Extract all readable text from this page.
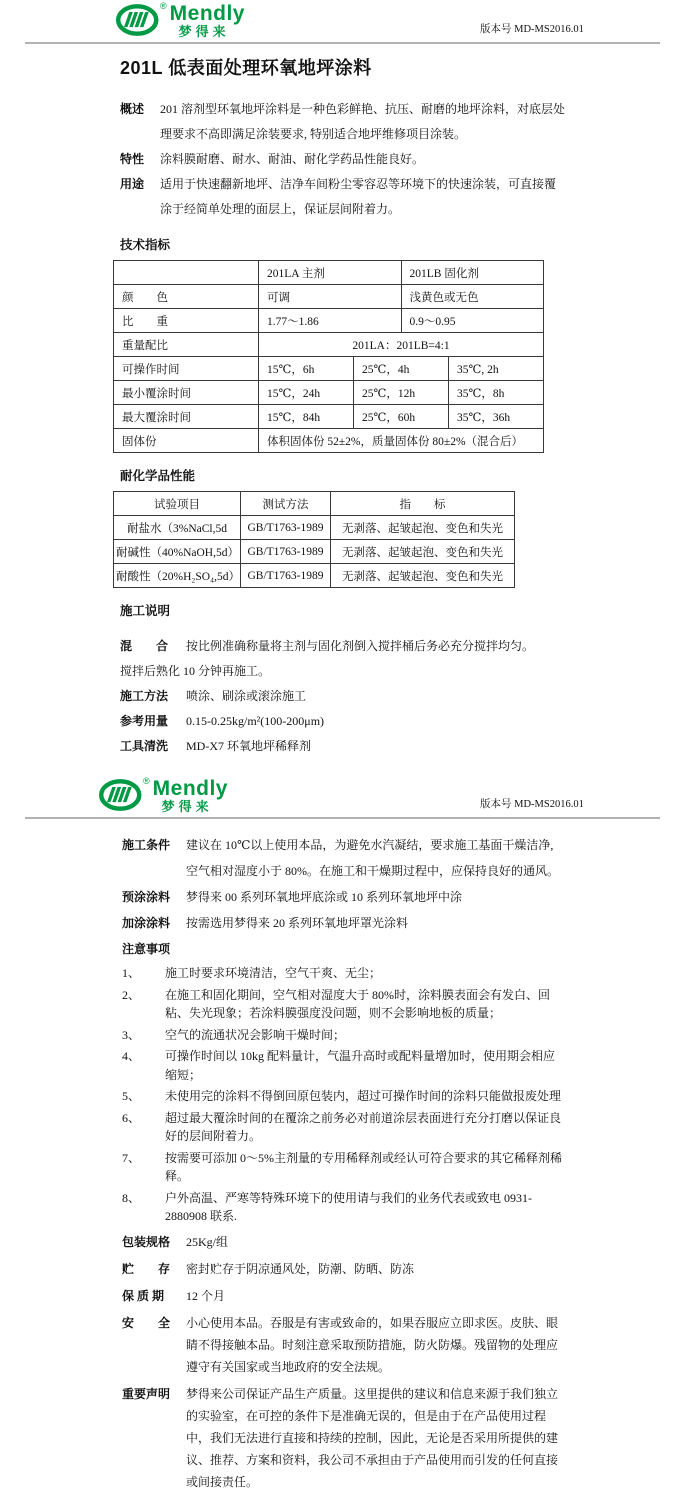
® Mendly
梦得来	版本号 MD-MS2016.01
201L 低表面处理环氧地坪涂料
概述	201 溶剂型环氧地坪涂料是一种色彩鲜艳、抗压、耐磨的地坪涂料，对底层处理要求不高即满足涂装要求, 特别适合地坪维修项目涂装。
特性	涂料膜耐磨、耐水、耐油、耐化学药品性能良好。
用途	适用于快速翻新地坪、洁净车间粉尘零容忍等环境下的快速涂装，可直接覆涂于经简单处理的面层上，保证层间附着力。
技术指标
	201LA 主剂		201LB 固化剂	
颜　　色	可调		浅黄色或无色	
比　　重	1.77～1.86		0.9～0.95	
重量配比	201LA：201LB=4:1			
可操作时间	15℃，6h	25℃，4h		35℃, 2h
最小覆涂时间	15℃，24h	25℃，12h		35℃，8h
最大覆涂时间	15℃，84h	25℃，60h		35℃，36h
固体份	体积固体份 52±2%，质量固体份 80±2%（混合后）			
耐化学品性能
试验项目	测试方法	指　　标
耐盐水（3%NaCl,5d	GB/T1763-1989	无剥落、起皱起泡、变色和失光
耐碱性（40%NaOH,5d）	GB/T1763-1989	无剥落、起皱起泡、变色和失光
耐酸性（20%H₂SO₄,5d）	GB/T1763-1989	无剥落、起皱起泡、变色和失光
施工说明
混　　合	按比例准确称量将主剂与固化剂倒入搅拌桶后务必充分搅拌均匀。
搅拌后熟化 10 分钟再施工。
施工方法	喷涂、刷涂或滚涂施工
参考用量	0.15-0.25kg/m²(100-200μm)
工具清洗	MD-X7 环氧地坪稀释剂
® Mendly
梦得来	版本号 MD-MS2016.01
施工条件	建议在 10℃以上使用本品，为避免水汽凝结，要求施工基面干燥洁净, 空气相对湿度小于 80%。在施工和干燥期过程中，应保持良好的通风。
预涂涂料	梦得来 00 系列环氧地坪底涂或 10 系列环氧地坪中涂
加涂涂料	按需选用梦得来 20 系列环氧地坪罩光涂料
注意事项
1、	施工时要求环境清洁，空气干爽、无尘；
2、	在施工和固化期间，空气相对湿度大于 80%时，涂料膜表面会有发白、回粘、失光现象；若涂料膜强度没问题，则不会影响地板的质量；
3、	空气的流通状况会影响干燥时间；
4、	可操作时间以 10kg 配料量计，气温升高时或配料量增加时，使用期会相应缩短；
5、	未使用完的涂料不得倒回原包装内，超过可操作时间的涂料只能做报废处理
6、	超过最大覆涂时间的在覆涂之前务必对前道涂层表面进行充分打磨以保证良好的层间附着力。
7、	按需要可添加 0～5%主剂量的专用稀释剂或经认可符合要求的其它稀释剂稀释。
8、	户外高温、严寒等特殊环境下的使用请与我们的业务代表或致电 0931-2880908 联系.
包装规格	25Kg/组
贮　　存	密封贮存于阴凉通风处，防潮、防晒、防冻
保 质 期	12 个月
安　　全	小心使用本品。吞服是有害或致命的，如果吞服应立即求医。皮肤、眼睛不得接触本品。时刻注意采取预防措施，防火防爆。残留物的处理应遵守有关国家或当地政府的安全法规。
重要声明	梦得来公司保证产品生产质量。这里提供的建议和信息来源于我们独立的实验室，在可控的条件下是准确无误的，但是由于在产品使用过程中，我们无法进行直接和持续的控制，因此，无论是否采用所提供的建议、推荐、方案和资料，我公司不承担由于产品使用而引发的任何直接或间接责任。
